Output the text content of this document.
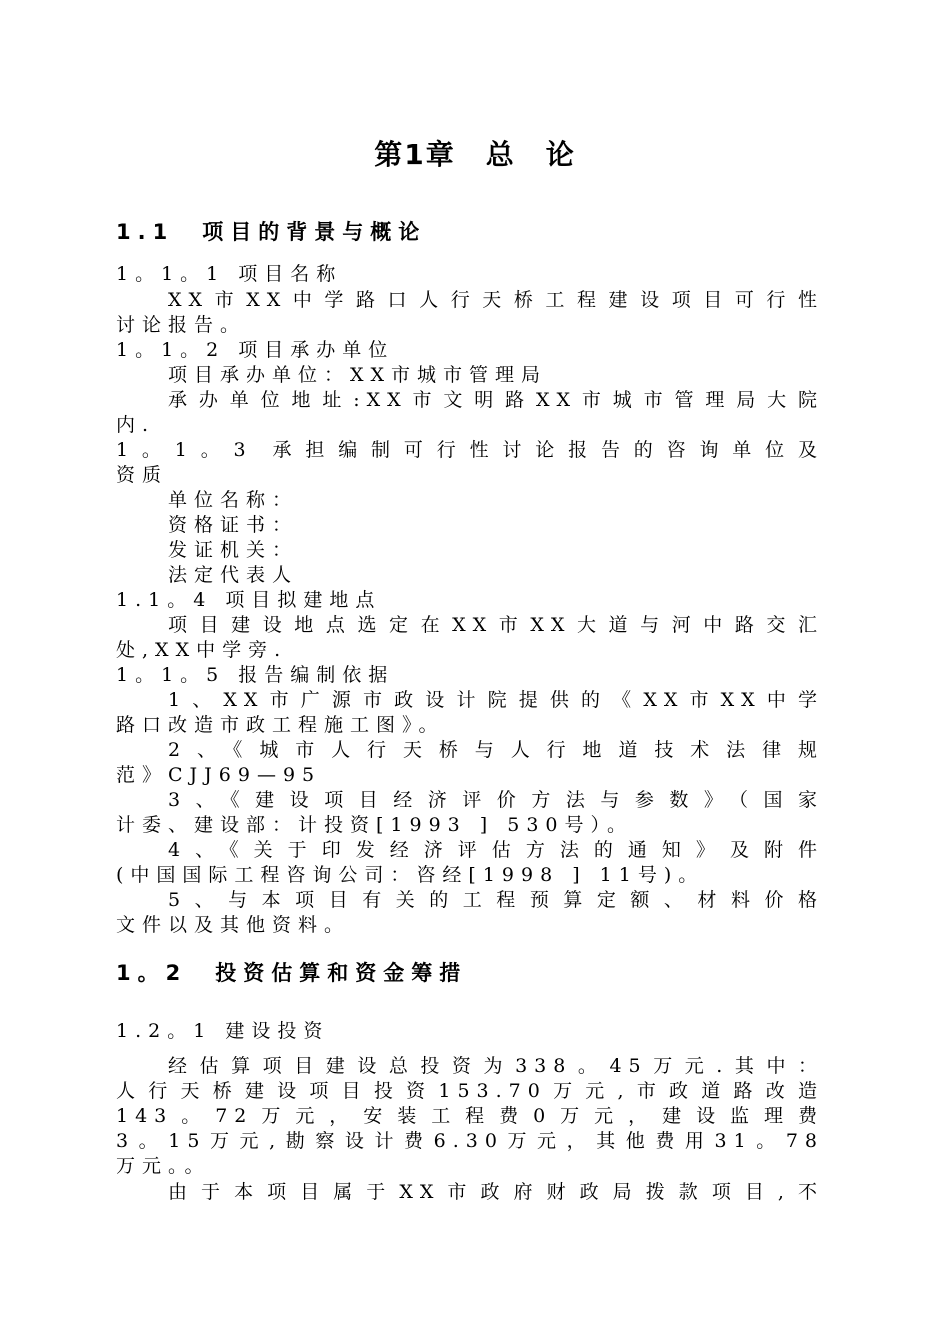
第1章　总　论
1.1　项目的背景与概论
1。1。1 项目名称
XX市XX中学路口人行天桥工程建设项目可行性
讨论报告。
1。1。2 项目承办单位
项目承办单位：XX市城市管理局
承办单位地址:XX市文明路XX市城市管理局大院
内.
1。1。3 承担编制可行性讨论报告的咨询单位及
资质
单位名称：
资格证书：
发证机关：
法定代表人
1.1。4 项目拟建地点
项目建设地点选定在XX市XX大道与河中路交汇
处,XX中学旁.
1。1。5 报告编制依据
1、XX市广源市政设计院提供的《XX市XX中学
路口改造市政工程施工图》。
2、《城市人行天桥与人行地道技术法律规
范》CJJ69—95
3、《建设项目经济评价方法与参数》（国家
计委、建设部：计投资[1993 ] 530号）。
4、《关于印发经济评估方法的通知》及附件
(中国国际工程咨询公司：咨经[1998 ] 11号)。
5、与本项目有关的工程预算定额、材料价格
文件以及其他资料。
1。2　投资估算和资金筹措
1.2。1 建设投资
经估算项目建设总投资为338。45万元.其中：
人行天桥建设项目投资153.70万元,市政道路改造
143。72万元，安装工程费0万元，建设监理费
3。15万元,勘察设计费6.30万元，其他费用31。78
万元。。
由于本项目属于XX市政府财政局拨款项目,不
